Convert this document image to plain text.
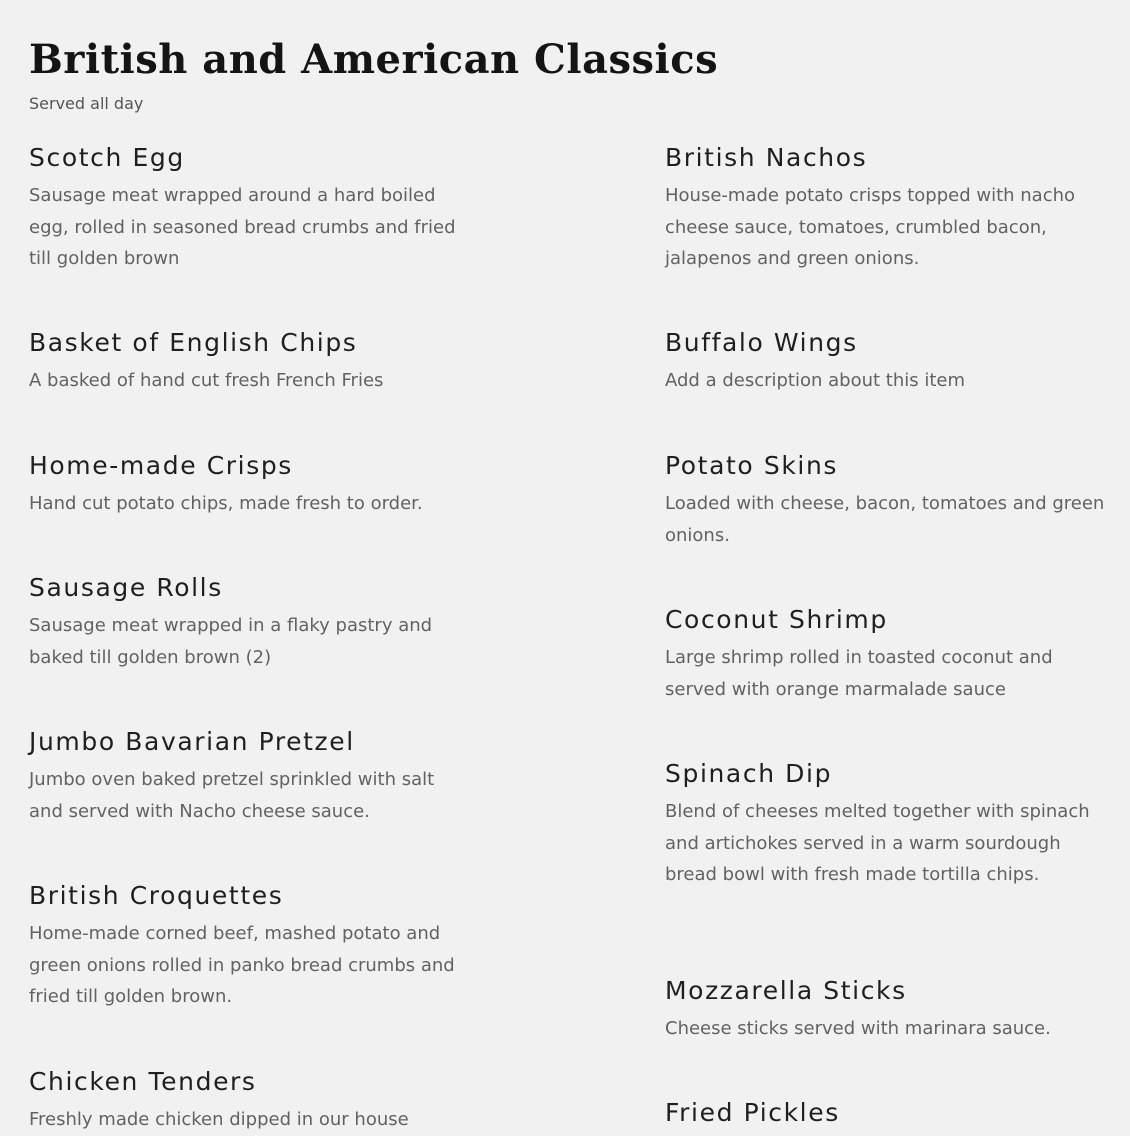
British and American Classics
Served all day
Scotch Egg

Sausage meat wrapped around a hard boiled egg, rolled in seasoned bread crumbs and fried till golden brown

Basket of English Chips

A basked of hand cut fresh French Fries

Home-made Crisps

Hand cut potato chips, made fresh to order.

Sausage Rolls

Sausage meat wrapped in a flaky pastry and baked till golden brown (2)

Jumbo Bavarian Pretzel

Jumbo oven baked pretzel sprinkled with salt and served with Nacho cheese sauce.

British Croquettes

Home-made corned beef, mashed potato and green onions rolled in panko bread crumbs and fried till golden brown.

Chicken Tenders

Freshly made chicken dipped in our house

British Nachos

House-made potato crisps topped with nacho cheese sauce, tomatoes, crumbled bacon, jalapenos and green onions.

Buffalo Wings

Add a description about this item

Potato Skins

Loaded with cheese, bacon, tomatoes and green onions.

Coconut Shrimp

Large shrimp rolled in toasted coconut and served with orange marmalade sauce

Spinach Dip

Blend of cheeses melted together with spinach and artichokes served in a warm sourdough bread bowl with fresh made tortilla chips.

Mozzarella Sticks

Cheese sticks served with marinara sauce.

Fried Pickles
